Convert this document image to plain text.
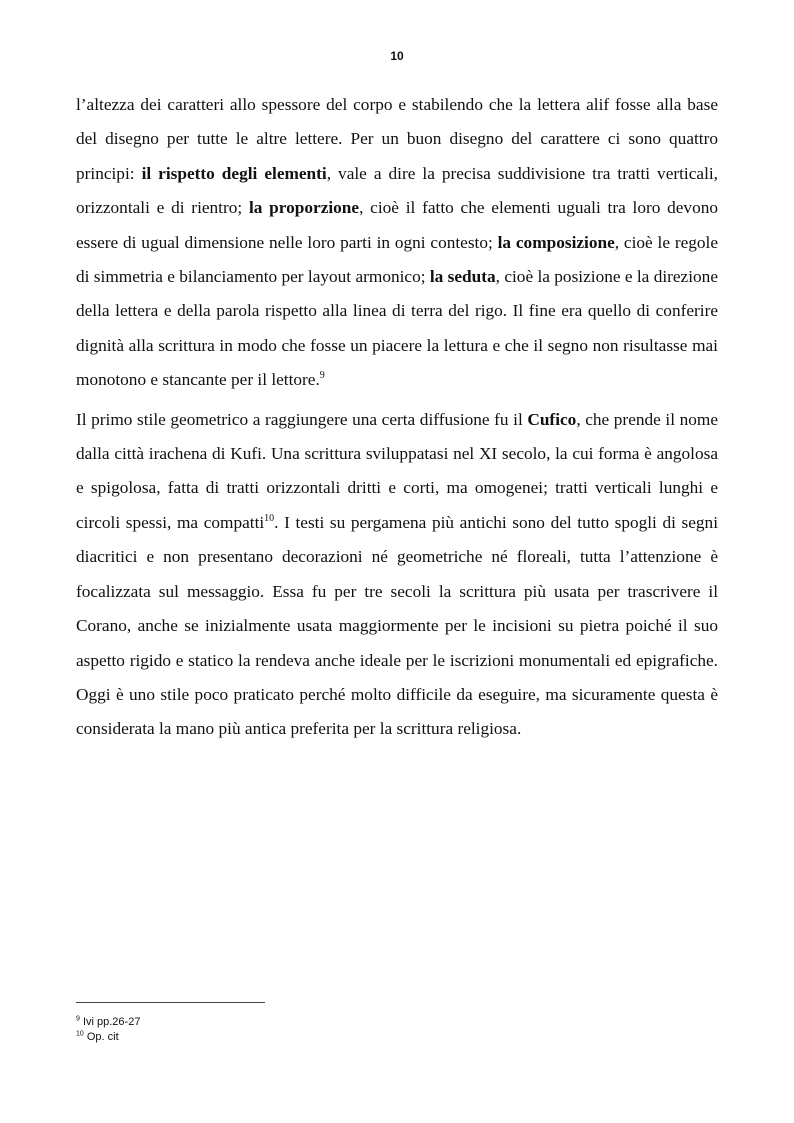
10

l’altezza dei caratteri allo spessore del corpo e stabilendo che la lettera alif fosse alla base del disegno per tutte le altre lettere. Per un buon disegno del carattere ci sono quattro principi: il rispetto degli elementi, vale a dire la precisa suddivisione tra tratti verticali, orizzontali e di rientro; la proporzione, cioè il fatto che elementi uguali tra loro devono essere di ugual dimensione nelle loro parti in ogni contesto; la composizione, cioè le regole di simmetria e bilanciamento per layout armonico; la seduta, cioè la posizione e la direzione della lettera e della parola rispetto alla linea di terra del rigo. Il fine era quello di conferire dignità alla scrittura in modo che fosse un piacere la lettura e che il segno non risultasse mai monotono e stancante per il lettore.$^9$

Il primo stile geometrico a raggiungere una certa diffusione fu il Cufico, che prende il nome dalla città irachena di Kufi. Una scrittura sviluppatasi nel XI secolo, la cui forma è angolosa e spigolosa, fatta di tratti orizzontali dritti e corti, ma omogenei; tratti verticali lunghi e circoli spessi, ma compatti$^{10}$. I testi su pergamena più antichi sono del tutto spogli di segni diacritici e non presentano decorazioni né geometriche né floreali, tutta l’attenzione è focalizzata sul messaggio. Essa fu per tre secoli la scrittura più usata per trascrivere il Corano, anche se inizialmente usata maggiormente per le incisioni su pietra poiché il suo aspetto rigido e statico la rendeva anche ideale per le iscrizioni monumentali ed epigrafiche. Oggi è uno stile poco praticato perché molto difficile da eseguire, ma sicuramente questa è considerata la mano più antica preferita per la scrittura religiosa.

$^9$ Ivi pp.26-27

$^{10}$ Op. cit
